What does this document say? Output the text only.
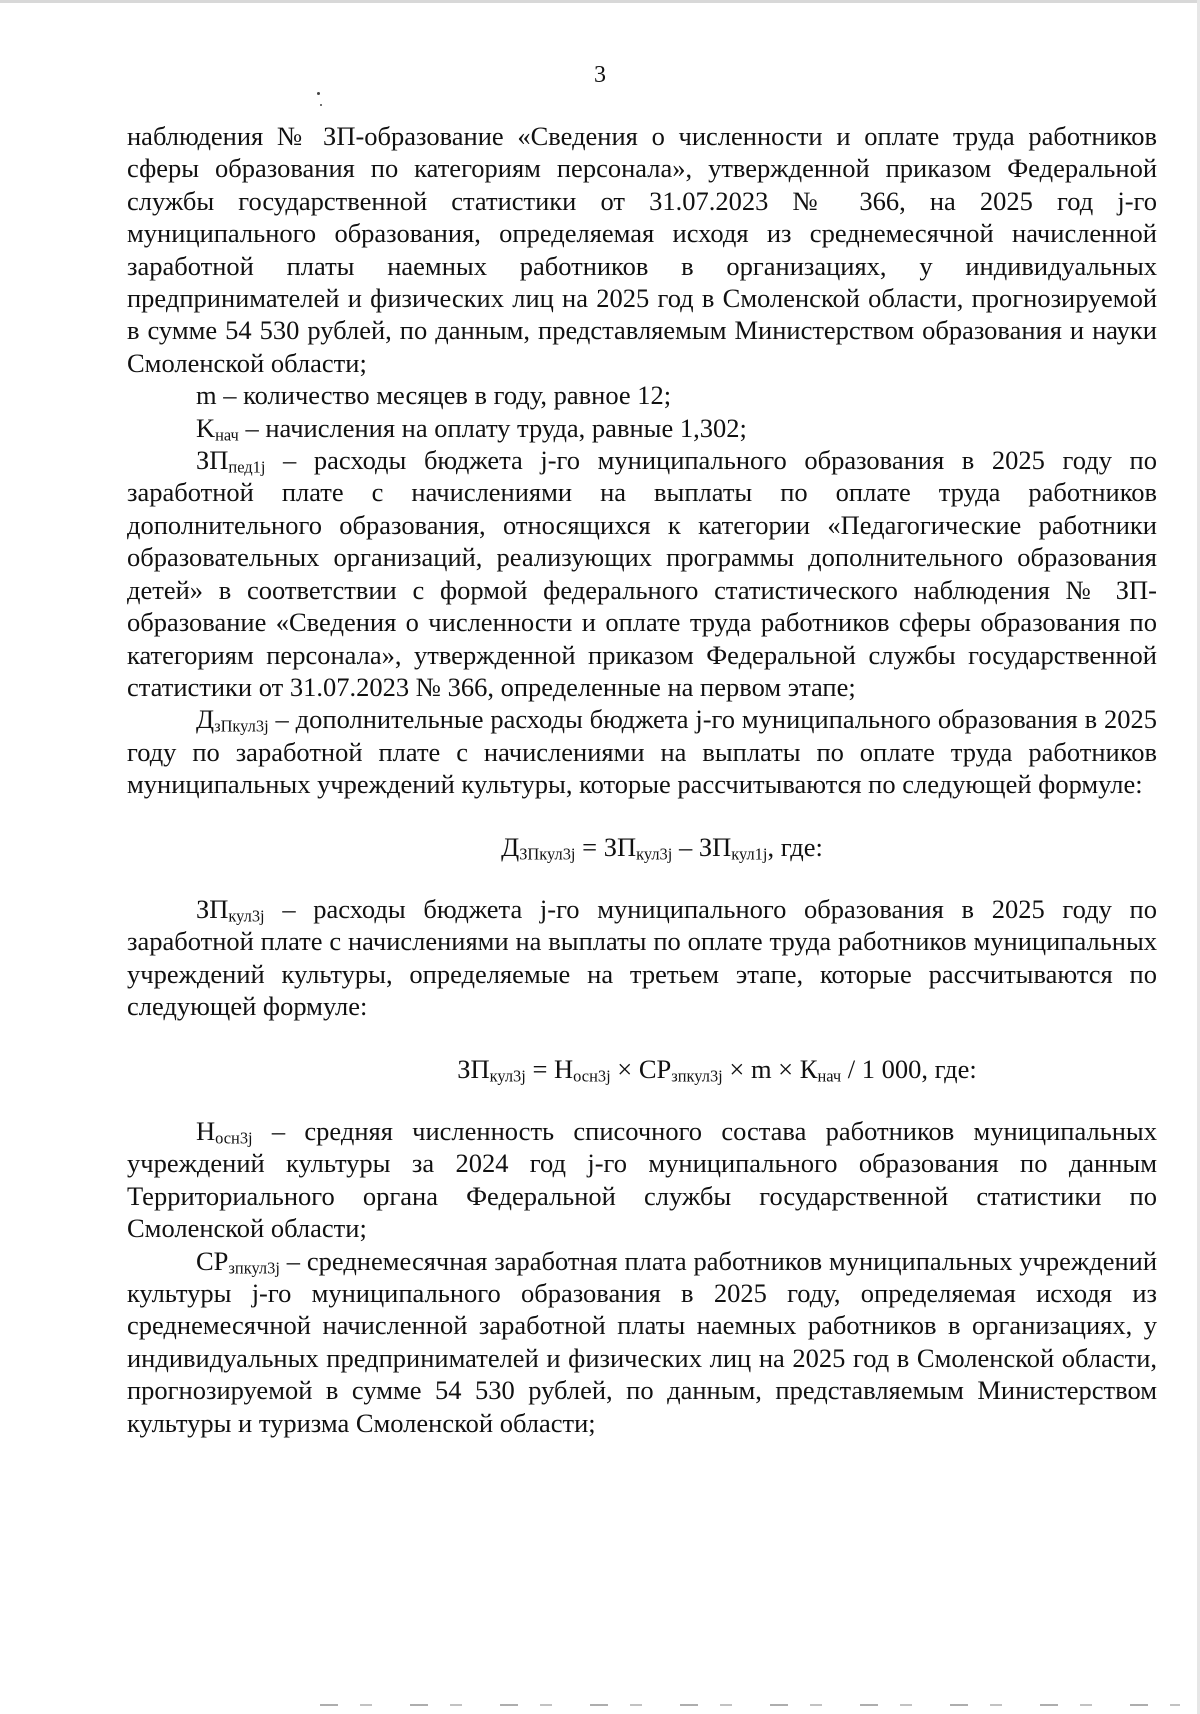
3

наблюдения № ЗП-образование «Сведения о численности и оплате труда работников сферы образования по категориям персонала», утвержденной приказом Федеральной службы государственной статистики от 31.07.2023 № 366, на 2025 год j-го муниципального образования, определяемая исходя из среднемесячной начисленной заработной платы наемных работников в организациях, у индивидуальных предпринимателей и физических лиц на 2025 год в Смоленской области, прогнозируемой в сумме 54 530 рублей, по данным, представляемым Министерством образования и науки Смоленской области;

m – количество месяцев в году, равное 12;

$K_{нач}$ – начисления на оплату труда, равные 1,302;

$ЗП_{пед1j}$ – расходы бюджета j-го муниципального образования в 2025 году по заработной плате с начислениями на выплаты по оплате труда работников дополнительного образования, относящихся к категории «Педагогические работники образовательных организаций, реализующих программы дополнительного образования детей» в соответствии с формой федерального статистического наблюдения № ЗП-образование «Сведения о численности и оплате труда работников сферы образования по категориям персонала», утвержденной приказом Федеральной службы государственной статистики от 31.07.2023 № 366, определенные на первом этапе;

$Д_{зПкул3j}$ – дополнительные расходы бюджета j-го муниципального образования в 2025 году по заработной плате с начислениями на выплаты по оплате труда работников муниципальных учреждений культуры, которые рассчитываются по следующей формуле:

$Д_{ЗПкул3j} = ЗП_{кул3j} - ЗП_{кул1j}$, где:

$ЗП_{кул3j}$ – расходы бюджета j-го муниципального образования в 2025 году по заработной плате с начислениями на выплаты по оплате труда работников муниципальных учреждений культуры, определяемые на третьем этапе, которые рассчитываются по следующей формуле:

$ЗП_{кул3j} = Н_{осн3j} \times СР_{зпкул3j} \times m \times К_{нач} / 1$ 000, где:

$Н_{осн3j}$ – средняя численность списочного состава работников муниципальных учреждений культуры за 2024 год j-го муниципального образования по данным Территориального органа Федеральной службы государственной статистики по Смоленской области;

$СР_{зпкул3j}$ – среднемесячная заработная плата работников муниципальных учреждений культуры j-го муниципального образования в 2025 году, определяемая исходя из среднемесячной начисленной заработной платы наемных работников в организациях, у индивидуальных предпринимателей и физических лиц на 2025 год в Смоленской области, прогнозируемой в сумме 54 530 рублей, по данным, представляемым Министерством культуры и туризма Смоленской области;
